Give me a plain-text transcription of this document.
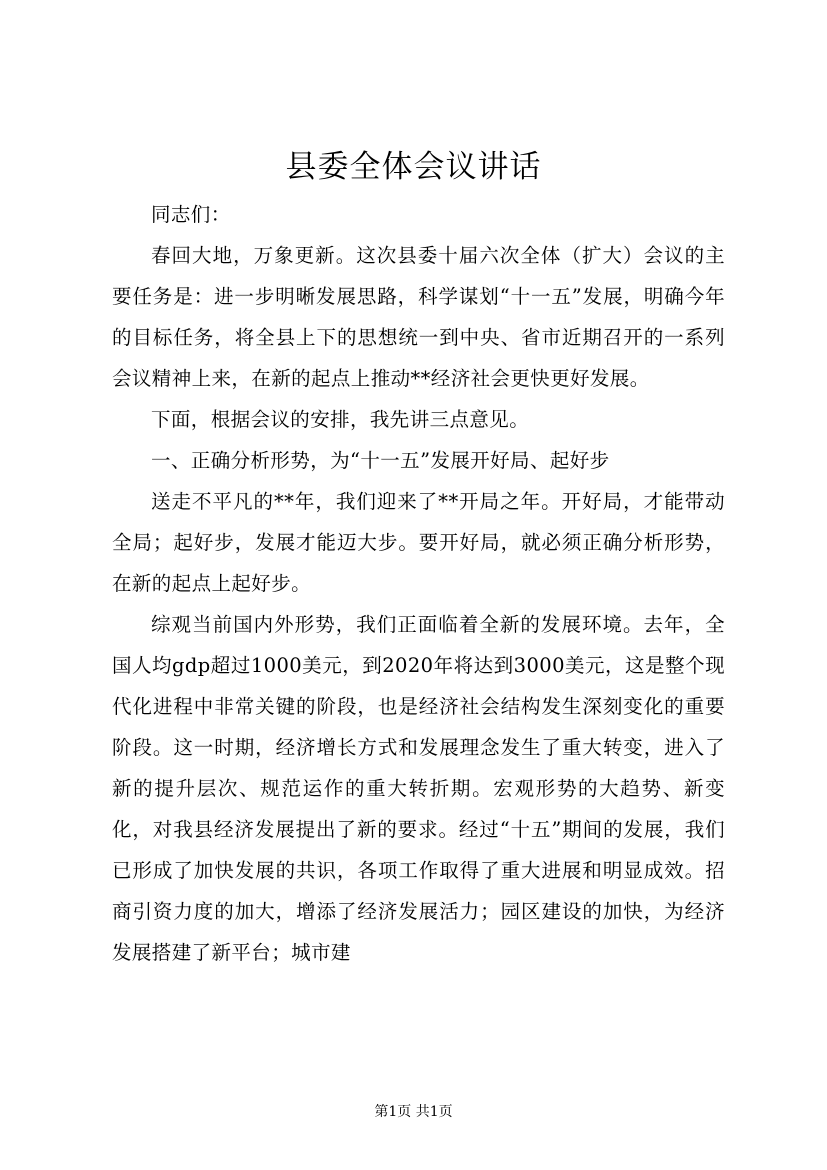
县委全体会议讲话

同志们：

春回大地，万象更新。这次县委十届六次全体（扩大）会议的主要任务是：进一步明晰发展思路，科学谋划“十一五”发展，明确今年的目标任务，将全县上下的思想统一到中央、省市近期召开的一系列会议精神上来，在新的起点上推动**经济社会更快更好发展。

下面，根据会议的安排，我先讲三点意见。

一、正确分析形势，为“十一五”发展开好局、起好步

送走不平凡的**年，我们迎来了**开局之年。开好局，才能带动全局；起好步，发展才能迈大步。要开好局，就必须正确分析形势，在新的起点上起好步。

综观当前国内外形势，我们正面临着全新的发展环境。去年，全国人均gdp超过1000美元，到2020年将达到3000美元，这是整个现代化进程中非常关键的阶段，也是经济社会结构发生深刻变化的重要阶段。这一时期，经济增长方式和发展理念发生了重大转变，进入了新的提升层次、规范运作的重大转折期。宏观形势的大趋势、新变化，对我县经济发展提出了新的要求。经过“十五”期间的发展，我们已形成了加快发展的共识，各项工作取得了重大进展和明显成效。招商引资力度的加大，增添了经济发展活力；园区建设的加快，为经济发展搭建了新平台；城市建

第1页 共1页
